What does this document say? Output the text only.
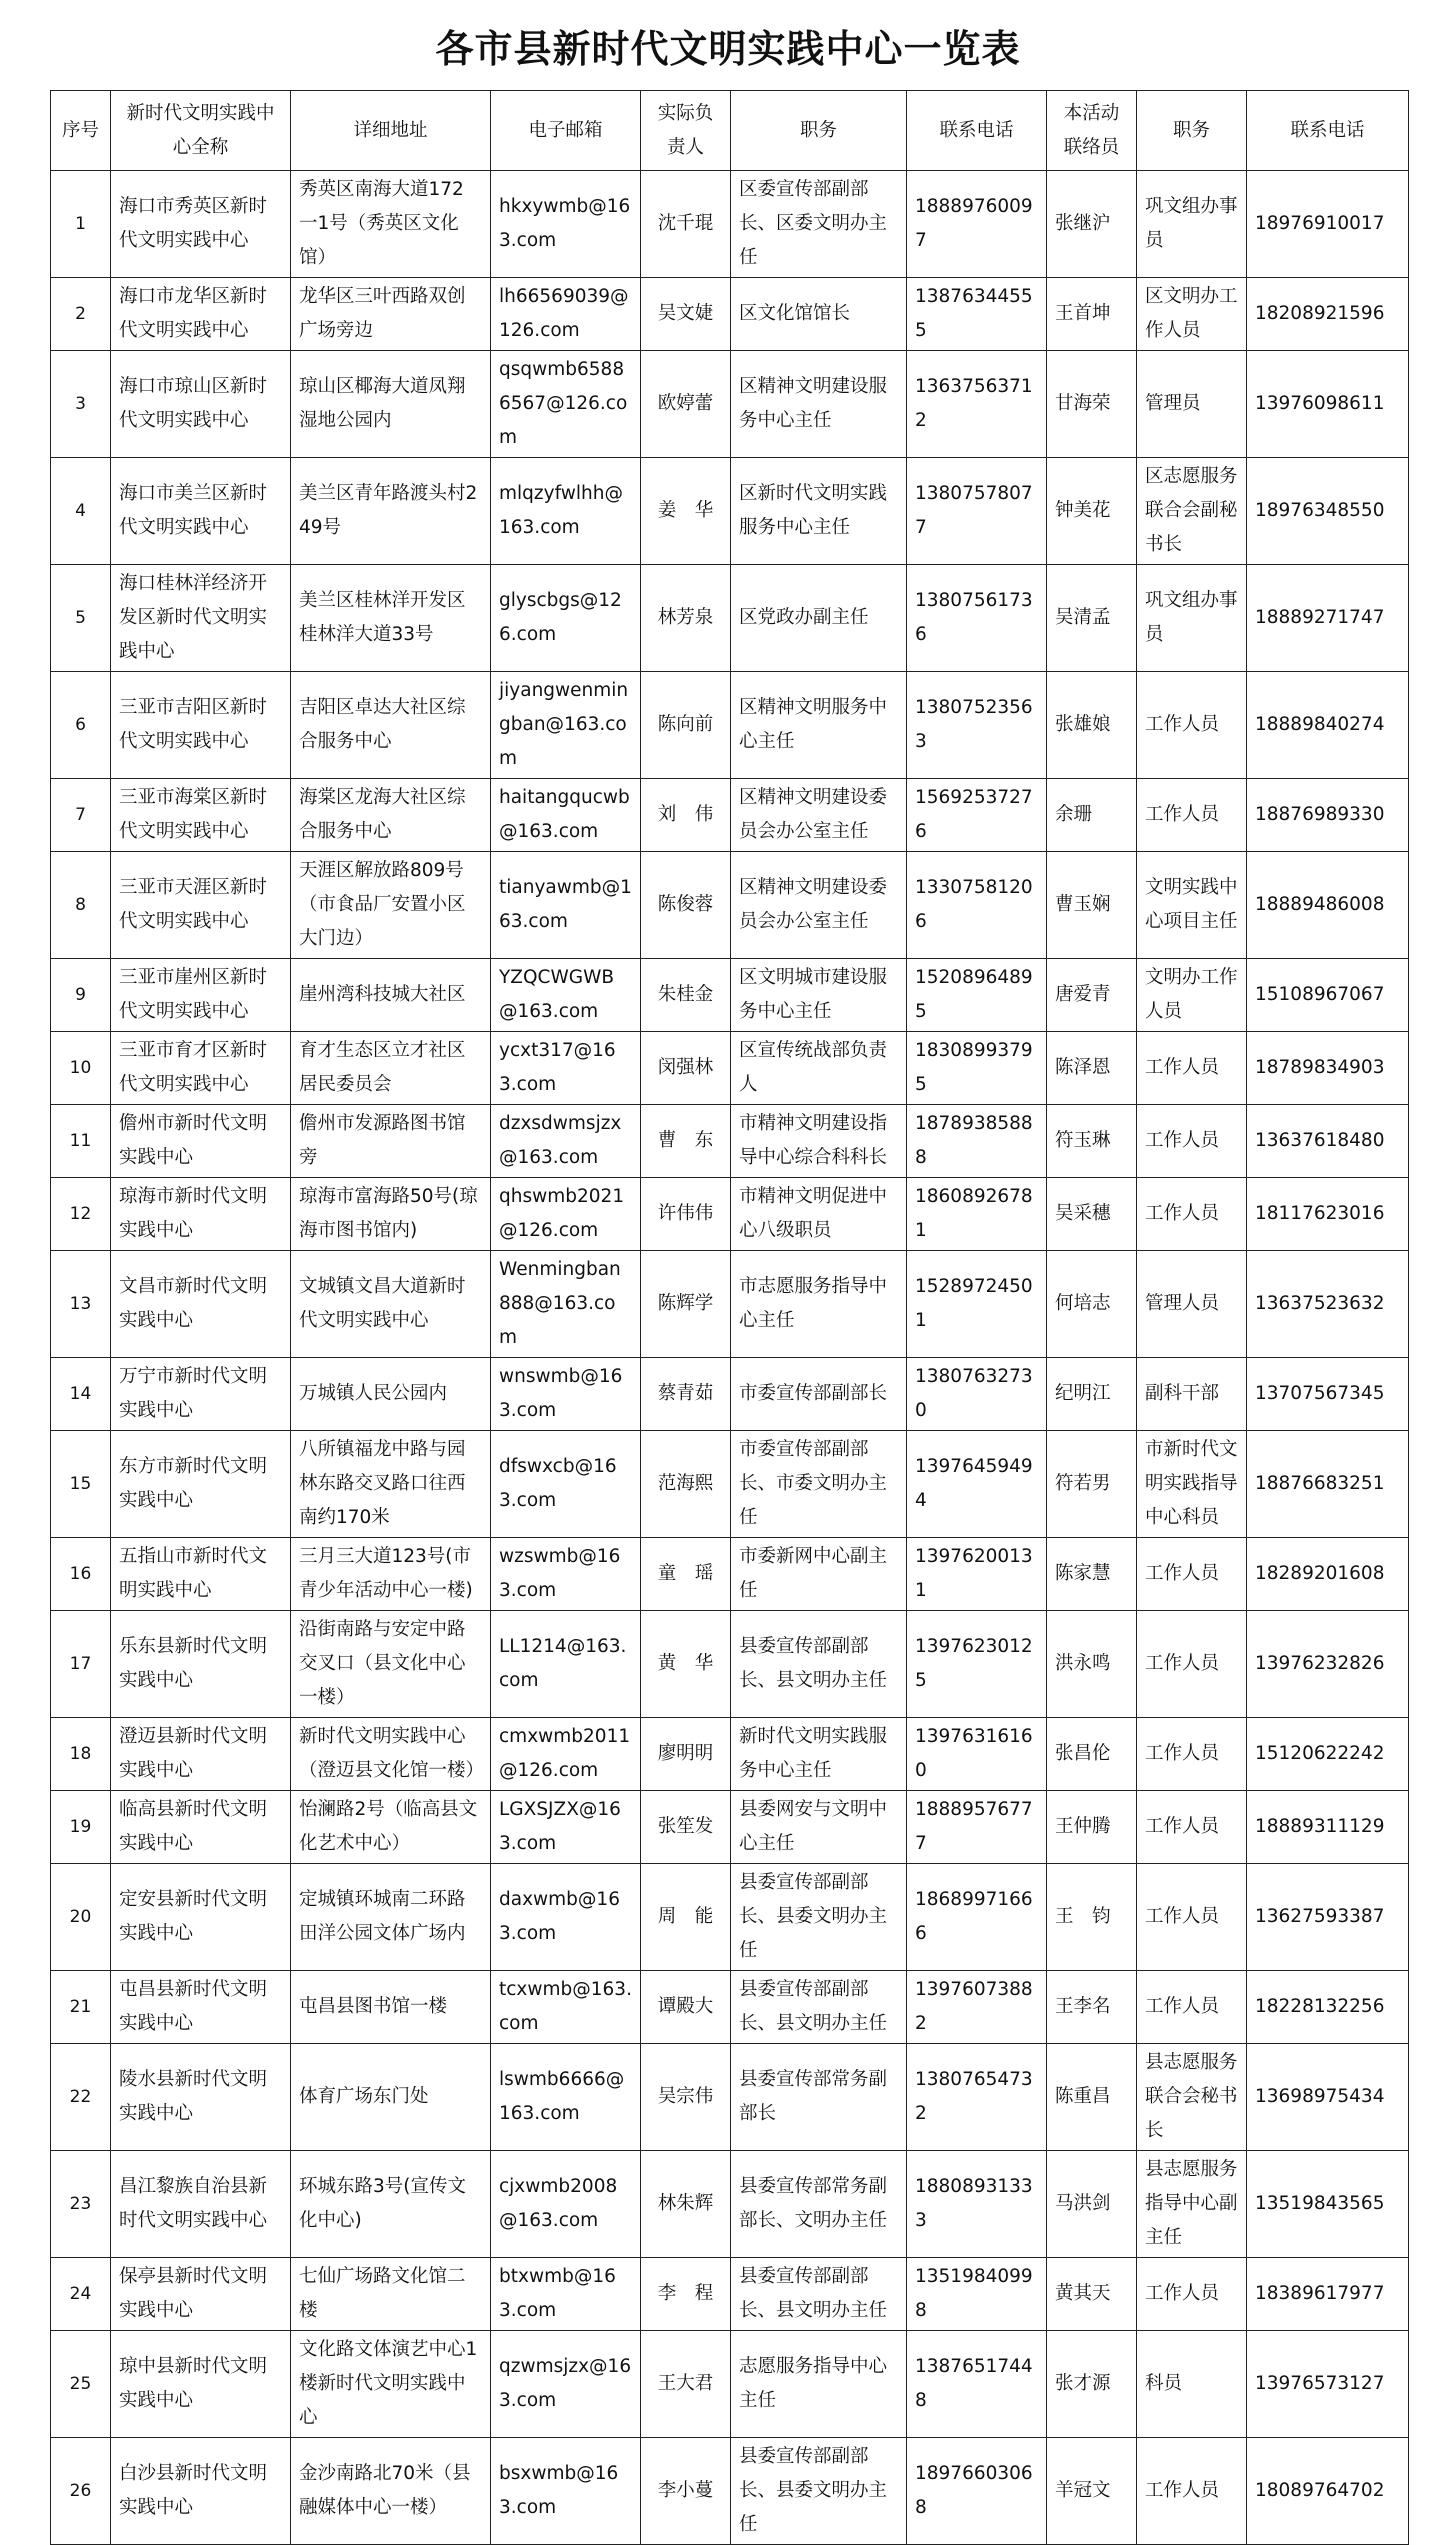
各市县新时代文明实践中心一览表
序号	新时代文明实践中心全称	详细地址	电子邮箱	实际负责人	职务	联系电话	本活动联络员	职务	联系电话
1	海口市秀英区新时代文明实践中心	秀英区南海大道172一1号（秀英区文化馆）	hkxywmb@163.com	沈千琨	区委宣传部副部长、区委文明办主任	18889760097	张继沪	巩文组办事员	18976910017
2	海口市龙华区新时代文明实践中心	龙华区三叶西路双创广场旁边	lh66569039@126.com	吴文婕	区文化馆馆长	13876344555	王首坤	区文明办工作人员	18208921596
3	海口市琼山区新时代文明实践中心	琼山区椰海大道凤翔湿地公园内	qsqwmb65886567@126.com	欧婷蕾	区精神文明建设服务中心主任	13637563712	甘海荣	管理员	13976098611
4	海口市美兰区新时代文明实践中心	美兰区青年路渡头村249号	mlqzyfwlhh@163.com	姜　华	区新时代文明实践服务中心主任	13807578077	钟美花	区志愿服务联合会副秘书长	18976348550
5	海口桂林洋经济开发区新时代文明实践中心	美兰区桂林洋开发区桂林洋大道33号	glyscbgs@126.com	林芳泉	区党政办副主任	13807561736	吴清孟	巩文组办事员	18889271747
6	三亚市吉阳区新时代文明实践中心	吉阳区卓达大社区综合服务中心	jiyangwenmingban@163.com	陈向前	区精神文明服务中心主任	13807523563	张雄娘	工作人员	18889840274
7	三亚市海棠区新时代文明实践中心	海棠区龙海大社区综合服务中心	haitangqucwb@163.com	刘　伟	区精神文明建设委员会办公室主任	15692537276	余珊	工作人员	18876989330
8	三亚市天涯区新时代文明实践中心	天涯区解放路809号（市食品厂安置小区大门边）	tianyawmb@163.com	陈俊蓉	区精神文明建设委员会办公室主任	13307581206	曹玉娴	文明实践中心项目主任	18889486008
9	三亚市崖州区新时代文明实践中心	崖州湾科技城大社区	YZQCWGWB@163.com	朱桂金	区文明城市建设服务中心主任	15208964895	唐爱青	文明办工作人员	15108967067
10	三亚市育才区新时代文明实践中心	育才生态区立才社区居民委员会	ycxt317@163.com	闵强林	区宣传统战部负责人	18308993795	陈泽恩	工作人员	18789834903
11	儋州市新时代文明实践中心	儋州市发源路图书馆旁	dzxsdwmsjzx@163.com	曹　东	市精神文明建设指导中心综合科科长	18789385888	符玉琳	工作人员	13637618480
12	琼海市新时代文明实践中心	琼海市富海路50号(琼海市图书馆内)	qhswmb2021@126.com	许伟伟	市精神文明促进中心八级职员	18608926781	吴采穗	工作人员	18117623016
13	文昌市新时代文明实践中心	文城镇文昌大道新时代文明实践中心	Wenmingban888@163.com	陈辉学	市志愿服务指导中心主任	15289724501	何培志	管理人员	13637523632
14	万宁市新时代文明实践中心	万城镇人民公园内	wnswmb@163.com	蔡青茹	市委宣传部副部长	13807632730	纪明江	副科干部	13707567345
15	东方市新时代文明实践中心	八所镇福龙中路与园林东路交叉路口往西南约170米	dfswxcb@163.com	范海熙	市委宣传部副部长、市委文明办主任	13976459494	符若男	市新时代文明实践指导中心科员	18876683251
16	五指山市新时代文明实践中心	三月三大道123号(市青少年活动中心一楼)	wzswmb@163.com	童　瑶	市委新网中心副主任	13976200131	陈家慧	工作人员	18289201608
17	乐东县新时代文明实践中心	沿街南路与安定中路交叉口（县文化中心一楼）	LL1214@163.com	黄　华	县委宣传部副部长、县文明办主任	13976230125	洪永鸣	工作人员	13976232826
18	澄迈县新时代文明实践中心	新时代文明实践中心（澄迈县文化馆一楼）	cmxwmb2011@126.com	廖明明	新时代文明实践服务中心主任	13976316160	张昌伦	工作人员	15120622242
19	临高县新时代文明实践中心	怡澜路2号（临高县文化艺术中心）	LGXSJZX@163.com	张笙发	县委网安与文明中心主任	18889576777	王仲腾	工作人员	18889311129
20	定安县新时代文明实践中心	定城镇环城南二环路田洋公园文体广场内	daxwmb@163.com	周　能	县委宣传部副部长、县委文明办主任	18689971666	王　钧	工作人员	13627593387
21	屯昌县新时代文明实践中心	屯昌县图书馆一楼	tcxwmb@163.com	谭殿大	县委宣传部副部长、县文明办主任	13976073882	王李名	工作人员	18228132256
22	陵水县新时代文明实践中心	体育广场东门处	lswmb6666@163.com	吴宗伟	县委宣传部常务副部长	13807654732	陈重昌	县志愿服务联合会秘书长	13698975434
23	昌江黎族自治县新时代文明实践中心	环城东路3号(宣传文化中心)	cjxwmb2008@163.com	林朱辉	县委宣传部常务副部长、文明办主任	18808931333	马洪剑	县志愿服务指导中心副主任	13519843565
24	保亭县新时代文明实践中心	七仙广场路文化馆二楼	btxwmb@163.com	李　程	县委宣传部副部长、县文明办主任	13519840998	黄其天	工作人员	18389617977
25	琼中县新时代文明实践中心	文化路文体演艺中心1楼新时代文明实践中心	qzwmsjzx@163.com	王大君	志愿服务指导中心主任	13876517448	张才源	科员	13976573127
26	白沙县新时代文明实践中心	金沙南路北70米（县融媒体中心一楼）	bsxwmb@163.com	李小蔓	县委宣传部副部长、县委文明办主任	18976603068	羊冠文	工作人员	18089764702
